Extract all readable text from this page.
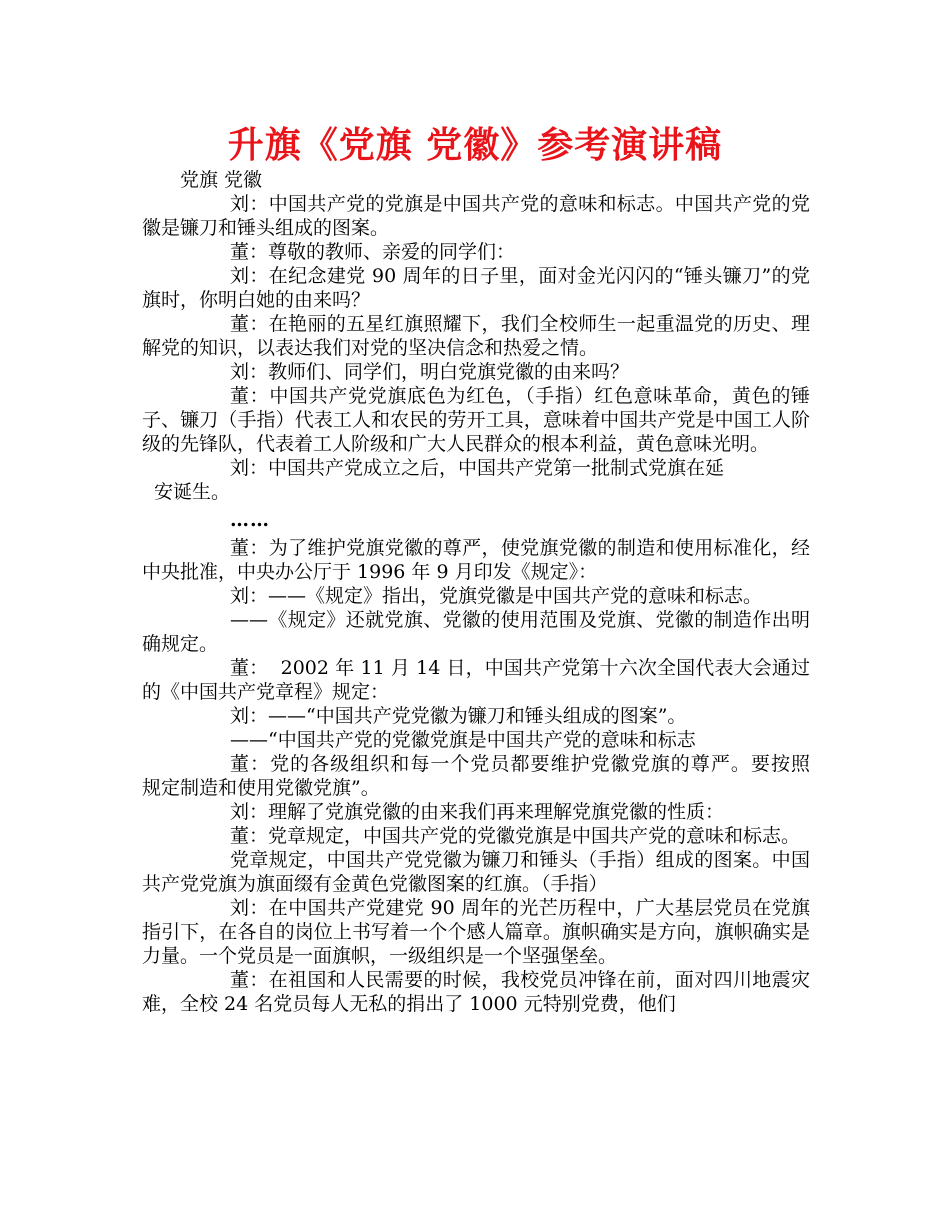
升旗《党旗 党徽》参考演讲稿

党旗 党徽

刘：中国共产党的党旗是中国共产党的意味和标志。中国共产党的党徽是镰刀和锤头组成的图案。

董：尊敬的教师、亲爱的同学们：

刘：在纪念建党 90 周年的日子里，面对金光闪闪的“锤头镰刀”的党旗时，你明白她的由来吗？

董：在艳丽的五星红旗照耀下，我们全校师生一起重温党的历史、理解党的知识，以表达我们对党的坚决信念和热爱之情。

刘：教师们、同学们，明白党旗党徽的由来吗？

董：中国共产党党旗底色为红色，（手指）红色意味革命，黄色的锤子、镰刀（手指）代表工人和农民的劳开工具，意味着中国共产党是中国工人阶级的先锋队，代表着工人阶级和广大人民群众的根本利益，黄色意味光明。

刘：中国共产党成立之后，中国共产党第一批制式党旗在延

安诞生。

……

董：为了维护党旗党徽的尊严，使党旗党徽的制造和使用标准化，经中央批准，中央办公厅于 1996 年 9 月印发《规定》：

刘：——《规定》指出，党旗党徽是中国共产党的意味和标志。

——《规定》还就党旗、党徽的使用范围及党旗、党徽的制造作出明确规定。

董：  2002 年 11 月 14 日，中国共产党第十六次全国代表大会通过的《中国共产党章程》规定：

刘：——“中国共产党党徽为镰刀和锤头组成的图案”。

——“中国共产党的党徽党旗是中国共产党的意味和标志

董：党的各级组织和每一个党员都要维护党徽党旗的尊严。要按照        规定制造和使用党徽党旗”。

刘：理解了党旗党徽的由来我们再来理解党旗党徽的性质：

董：党章规定，中国共产党的党徽党旗是中国共产党的意味和标志。

党章规定，中国共产党党徽为镰刀和锤头（手指）组成的图案。中国共产党党旗为旗面缀有金黄色党徽图案的红旗。（手指）

刘：在中国共产党建党 90 周年的光芒历程中，广大基层党员在党旗指引下，在各自的岗位上书写着一个个感人篇章。旗帜确实是方向，旗帜确实是力量。一个党员是一面旗帜，一级组织是一个坚强堡垒。

董：在祖国和人民需要的时候，我校党员冲锋在前，面对四川地震灾难，全校 24 名党员每人无私的捐出了 1000 元特别党费，他们
